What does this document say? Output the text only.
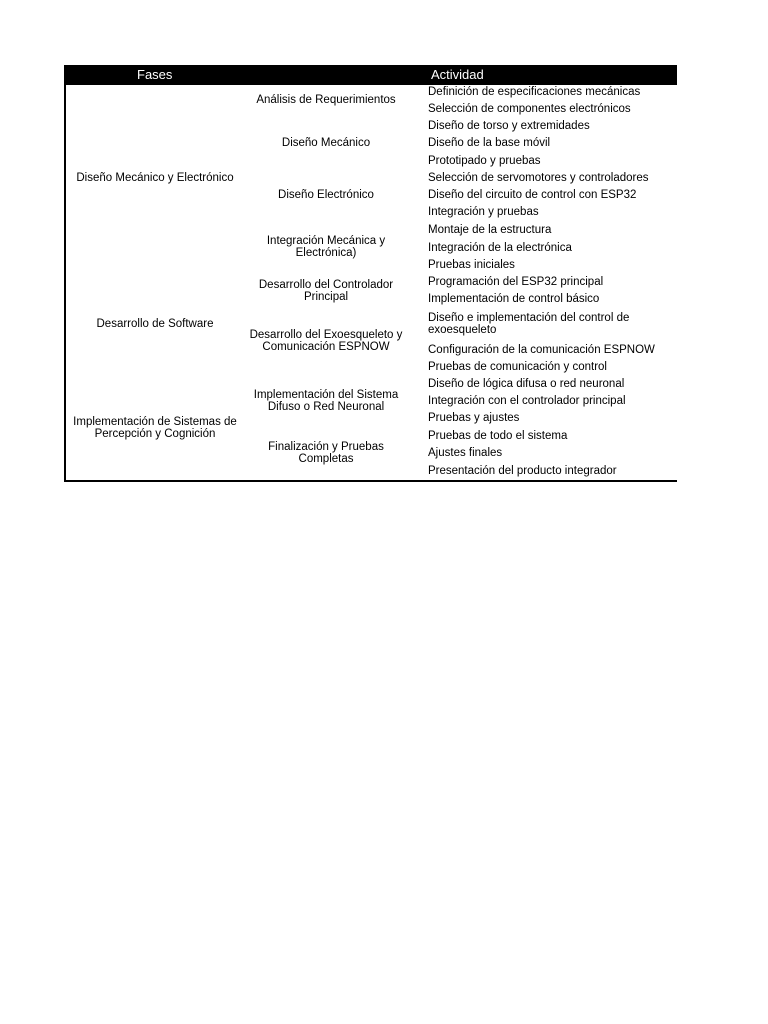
Fases	Actividad
Diseño Mecánico y Electrónico
Desarrollo de Software
Implementación de Sistemas de Percepción y Cognición
Análisis de Requerimientos
Diseño Mecánico
Diseño Electrónico
Integración Mecánica y Electrónica)
Desarrollo del Controlador Principal
Desarrollo del Exoesqueleto y Comunicación ESPNOW
Implementación del Sistema Difuso o Red Neuronal
Finalización y Pruebas Completas
Definición de especificaciones mecánicas
Selección de componentes electrónicos
Diseño de torso y extremidades
Diseño de la base móvil
Prototipado y pruebas
Selección de servomotores y controladores
Diseño del circuito de control con ESP32
Integración y pruebas
Montaje de la estructura
Integración de la electrónica
Pruebas iniciales
Programación del ESP32 principal
Implementación de control básico
Diseño e implementación del control de exoesqueleto
Configuración de la comunicación ESPNOW
Pruebas de comunicación y control
Diseño de lógica difusa o red neuronal
Integración con el controlador principal
Pruebas y ajustes
Pruebas de todo el sistema
Ajustes finales
Presentación del producto integrador
